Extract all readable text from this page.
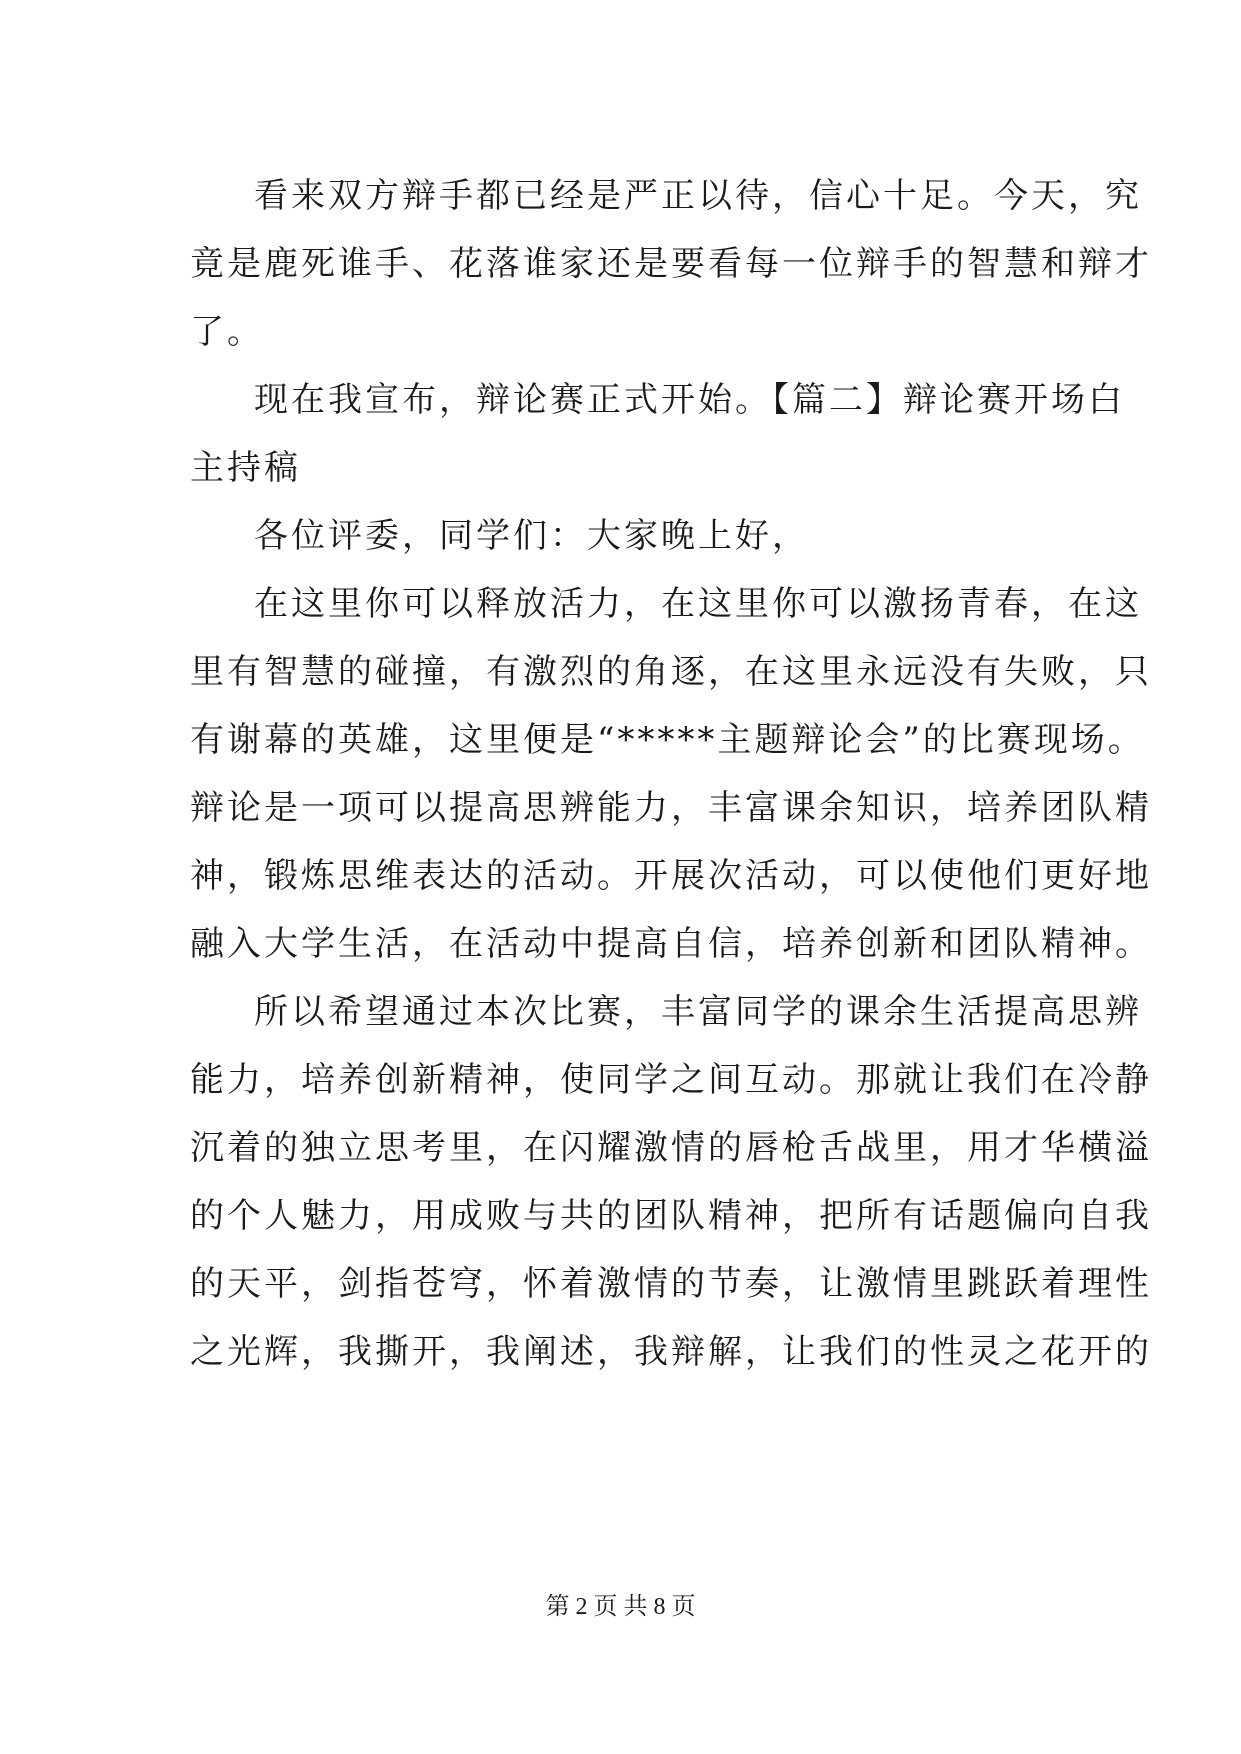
看来双方辩手都已经是严正以待，信心十足。今天，究
竟是鹿死谁手、花落谁家还是要看每一位辩手的智慧和辩才
了。
现在我宣布，辩论赛正式开始。【篇二】辩论赛开场白
主持稿
各位评委，同学们：大家晚上好，
在这里你可以释放活力，在这里你可以激扬青春，在这
里有智慧的碰撞，有激烈的角逐，在这里永远没有失败，只
有谢幕的英雄，这里便是“*****主题辩论会”的比赛现场。
辩论是一项可以提高思辨能力，丰富课余知识，培养团队精
神，锻炼思维表达的活动。开展次活动，可以使他们更好地
融入大学生活，在活动中提高自信，培养创新和团队精神。
所以希望通过本次比赛，丰富同学的课余生活提高思辨
能力，培养创新精神，使同学之间互动。那就让我们在冷静
沉着的独立思考里，在闪耀激情的唇枪舌战里，用才华横溢
的个人魅力，用成败与共的团队精神，把所有话题偏向自我
的天平，剑指苍穹，怀着激情的节奏，让激情里跳跃着理性
之光辉，我撕开，我阐述，我辩解，让我们的性灵之花开的
第 2 页 共 8 页
